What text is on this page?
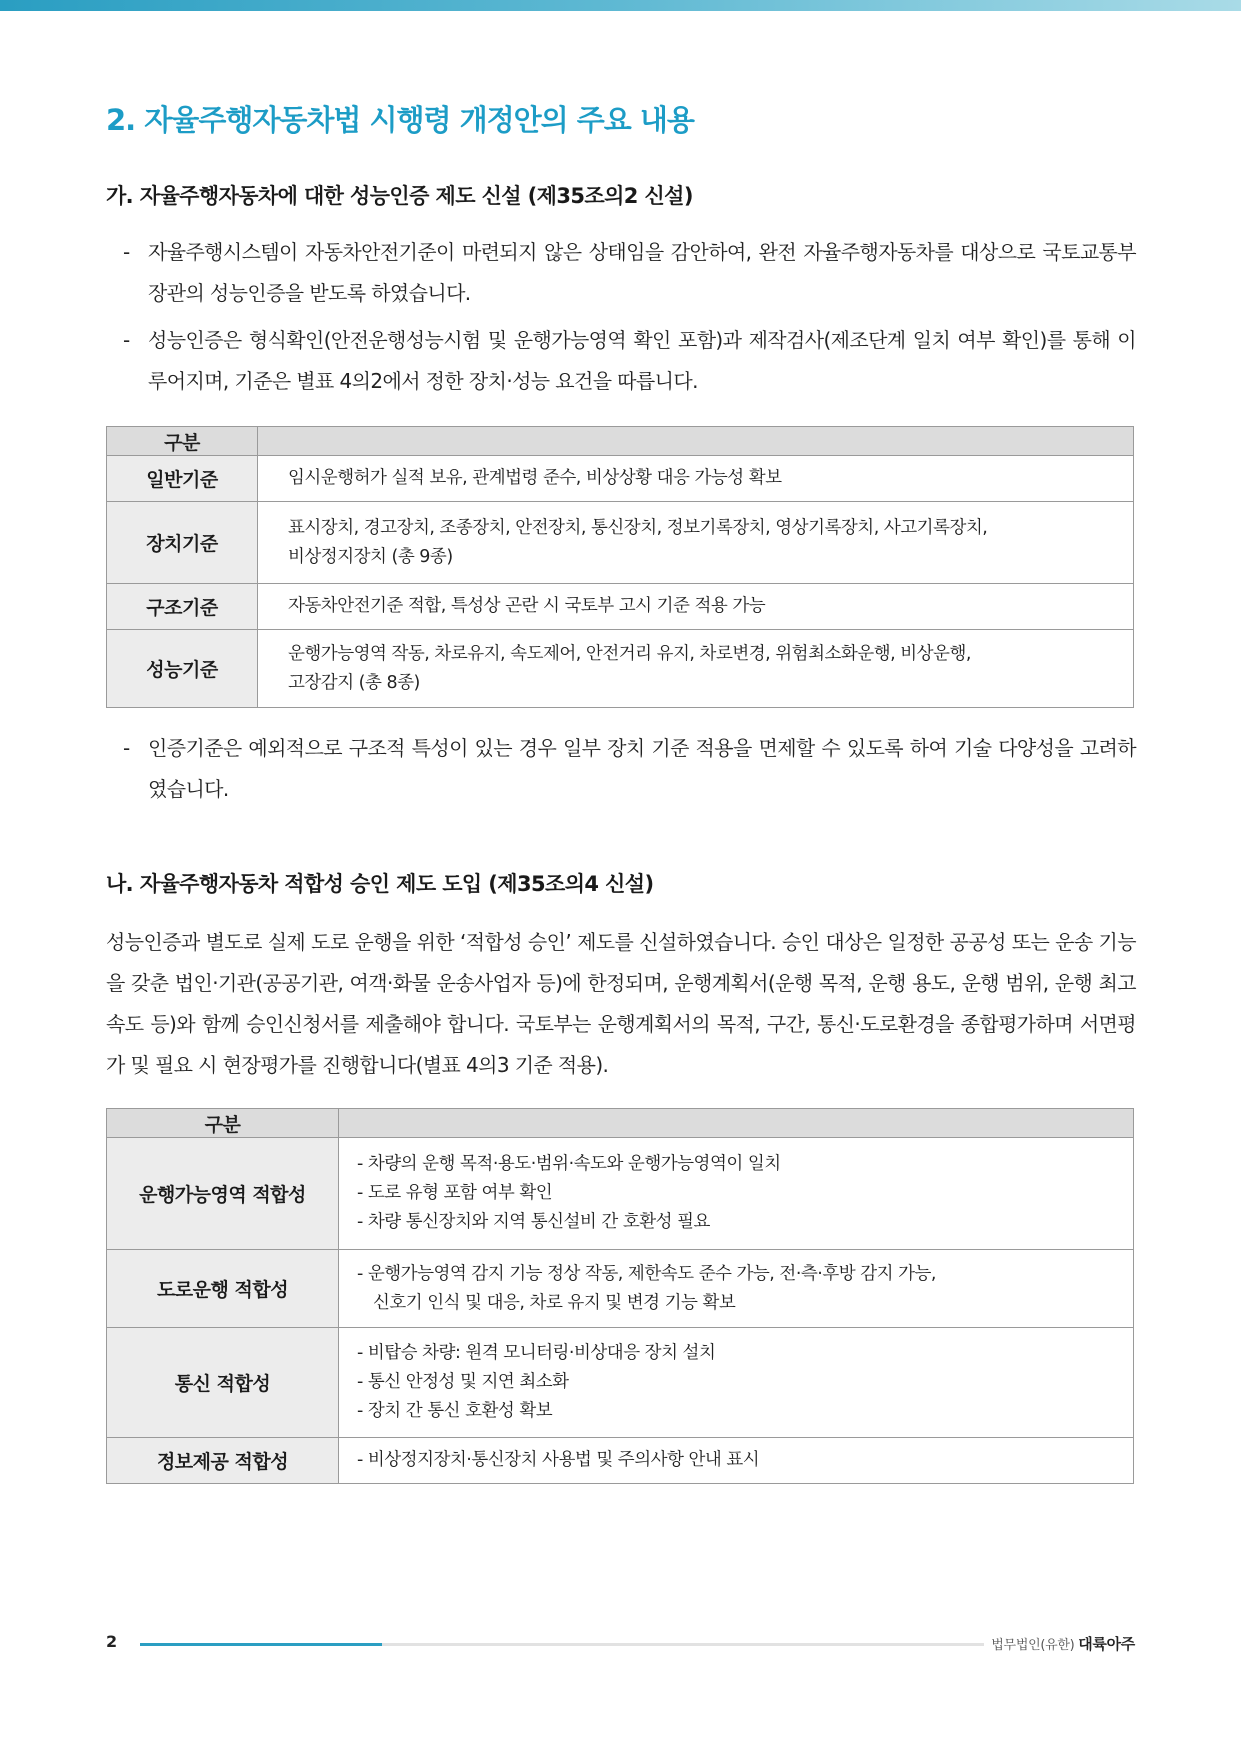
2. 자율주행자동차법 시행령 개정안의 주요 내용
가. 자율주행자동차에 대한 성능인증 제도 신설 (제35조의2 신설)
- 자율주행시스템이 자동차안전기준이 마련되지 않은 상태임을 감안하여, 완전 자율주행자동차를 대상으로 국토교통부 장관의 성능인증을 받도록 하였습니다.
- 성능인증은 형식확인(안전운행성능시험 및 운행가능영역 확인 포함)과 제작검사(제조단계 일치 여부 확인)를 통해 이루어지며, 기준은 별표 4의2에서 정한 장치·성능 요건을 따릅니다.
구분	
일반기준	임시운행허가 실적 보유, 관계법령 준수, 비상상황 대응 가능성 확보

장치기준	표시장치, 경고장치, 조종장치, 안전장치, 통신장치, 정보기록장치, 영상기록장치, 사고기록장치,
비상정지장치 (총 9종)

구조기준	자동차안전기준 적합, 특성상 곤란 시 국토부 고시 기준 적용 가능

성능기준	운행가능영역 작동, 차로유지, 속도제어, 안전거리 유지, 차로변경, 위험최소화운행, 비상운행,
고장감지 (총 8종)
- 인증기준은 예외적으로 구조적 특성이 있는 경우 일부 장치 기준 적용을 면제할 수 있도록 하여 기술 다양성을 고려하였습니다.
나. 자율주행자동차 적합성 승인 제도 도입 (제35조의4 신설)

성능인증과 별도로 실제 도로 운행을 위한 ‘적합성 승인’ 제도를 신설하였습니다. 승인 대상은 일정한 공공성 또는 운송 기능을 갖춘 법인·기관(공공기관, 여객·화물 운송사업자 등)에 한정되며, 운행계획서(운행 목적, 운행 용도, 운행 범위, 운행 최고속도 등)와 함께 승인신청서를 제출해야 합니다. 국토부는 운행계획서의 목적, 구간, 통신·도로환경을 종합평가하며 서면평가 및 필요 시 현장평가를 진행합니다(별표 4의3 기준 적용).

구분	
운행가능영역 적합성	- 차량의 운행 목적·용도·범위·속도와 운행가능영역이 일치
- 도로 유형 포함 여부 확인
- 차량 통신장치와 지역 통신설비 간 호환성 필요

도로운행 적합성	- 운행가능영역 감지 기능 정상 작동, 제한속도 준수 가능, 전·측·후방 감지 가능,
신호기 인식 및 대응, 차로 유지 및 변경 기능 확보

통신 적합성	- 비탑승 차량: 원격 모니터링·비상대응 장치 설치
- 통신 안정성 및 지연 최소화
- 장치 간 통신 호환성 확보

정보제공 적합성	- 비상정지장치·통신장치 사용법 및 주의사항 안내 표시
2	법무법인(유한) 대륙아주
